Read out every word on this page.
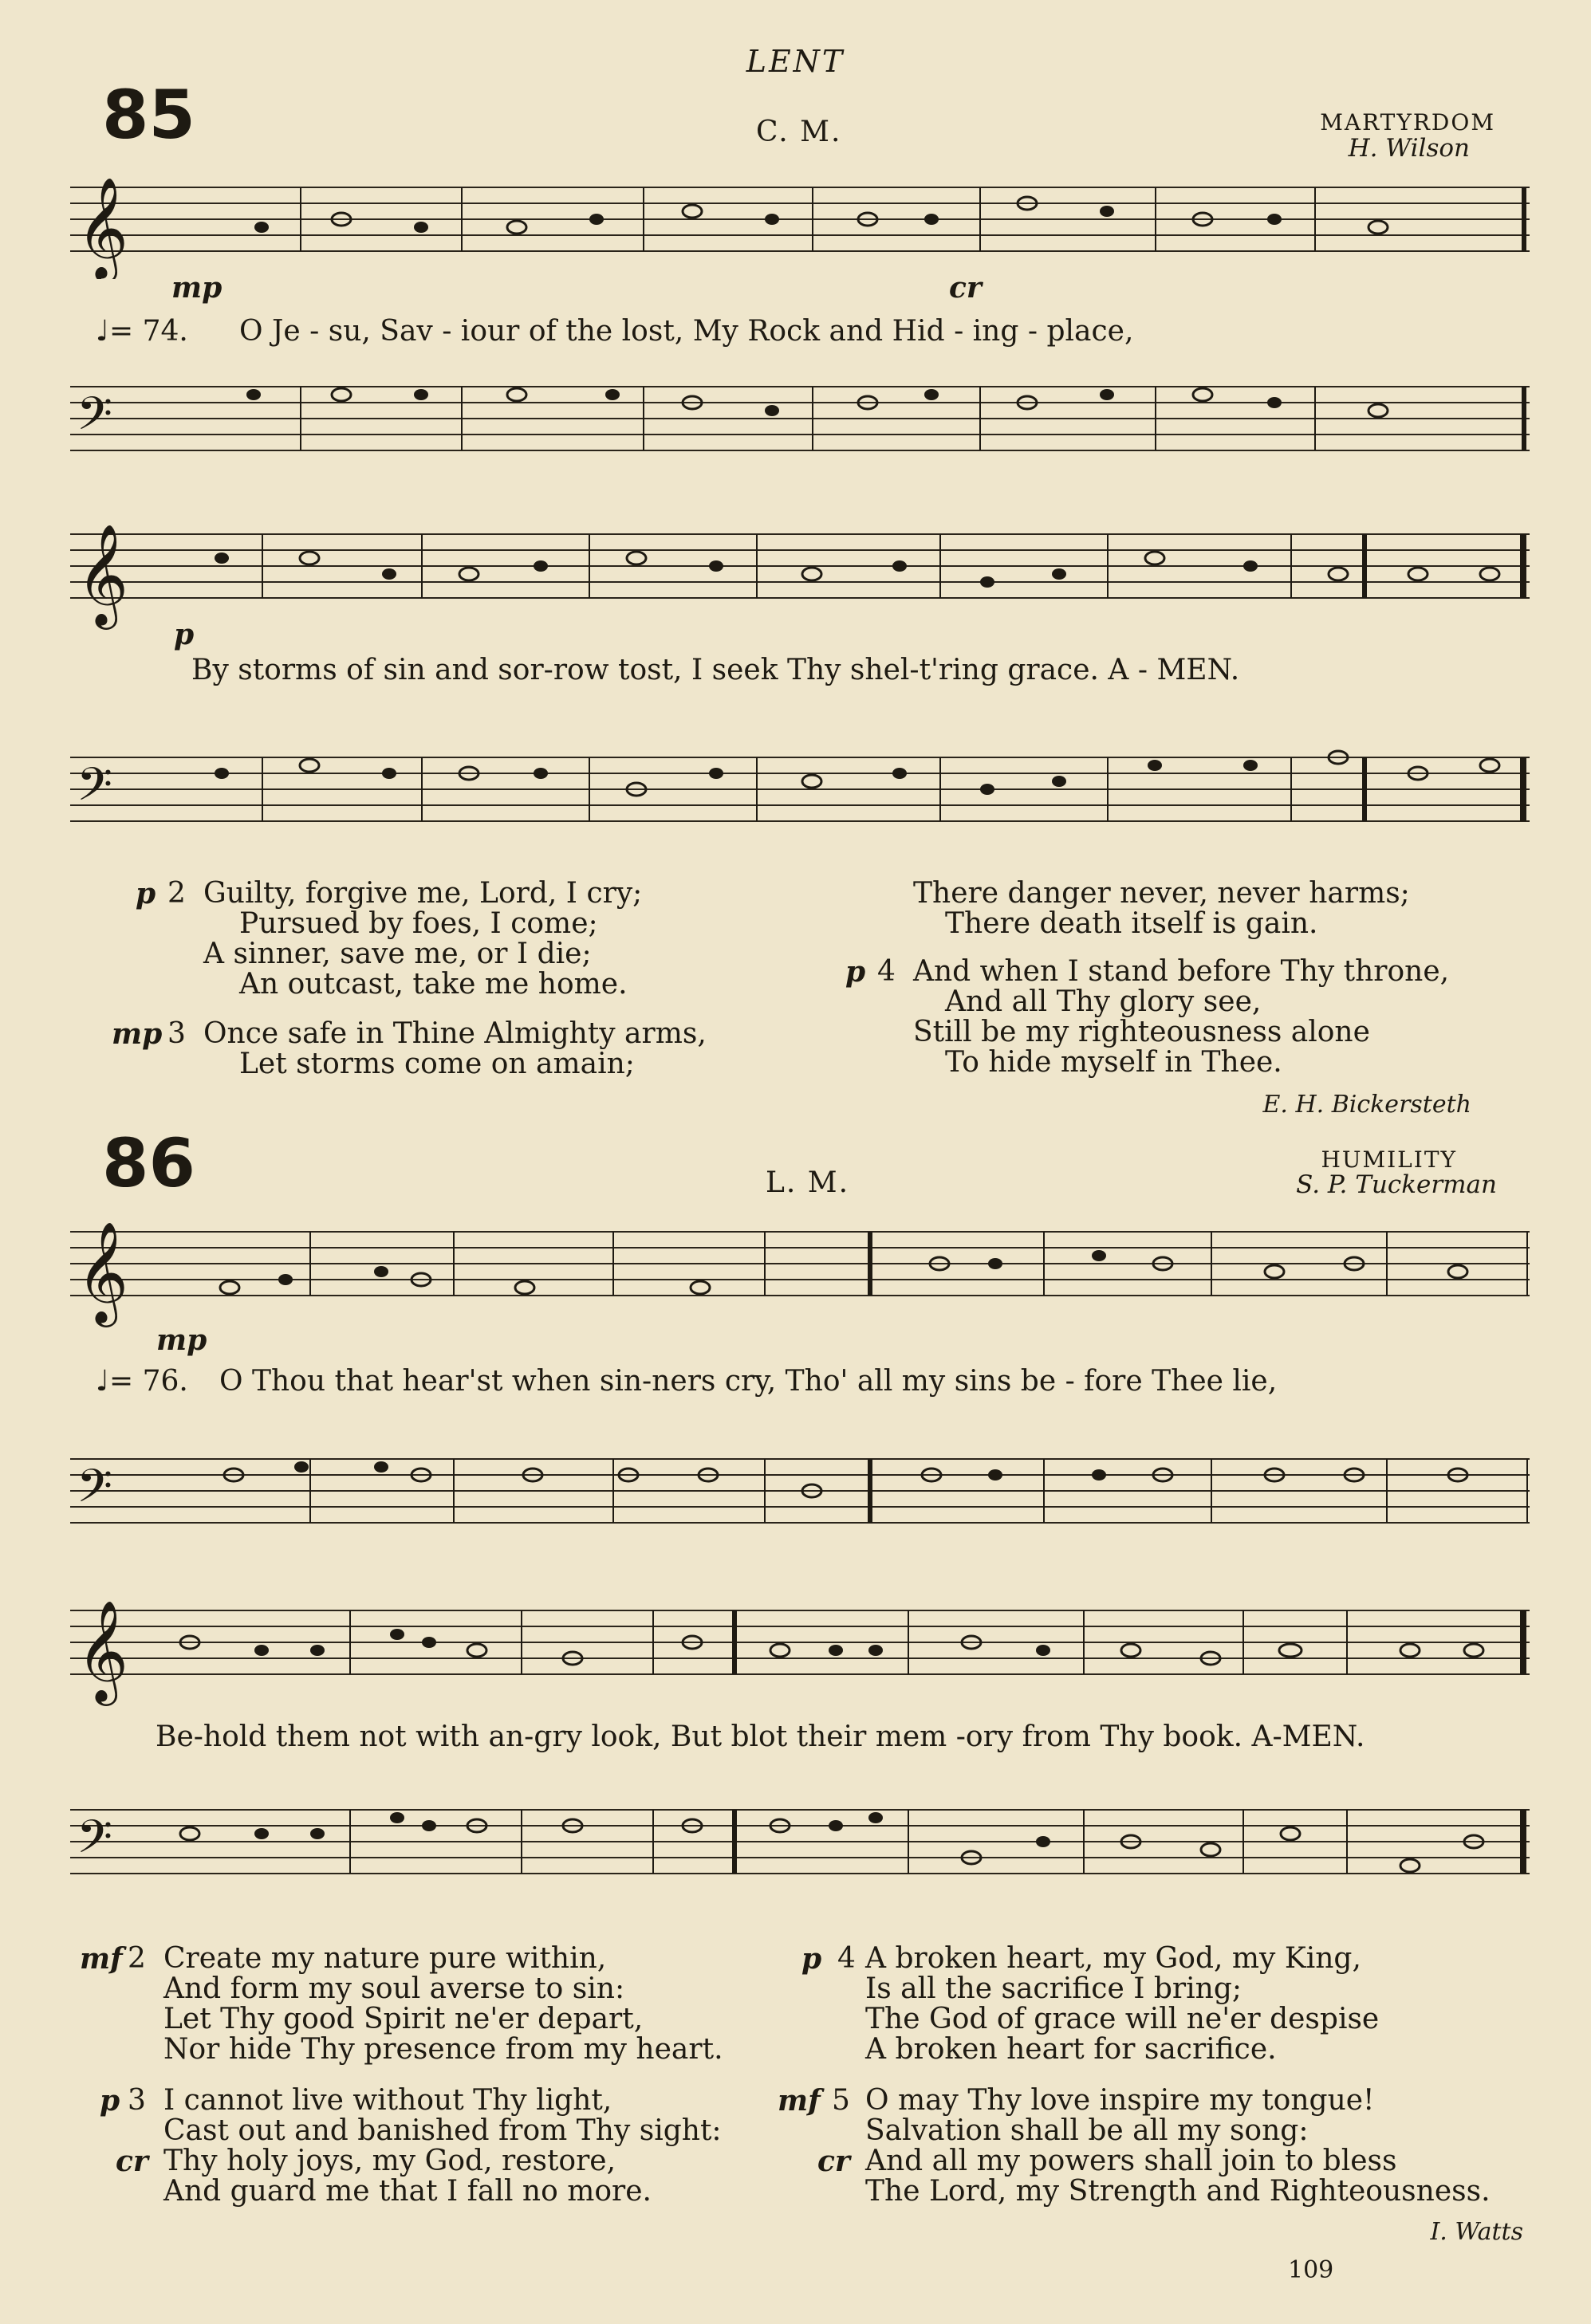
LENT
85	C. M.	MARTYRDOM
H. Wilson
𝄞
mp	cr
♩= 74. O Je - su, Sav - iour of the lost, My Rock and Hid - ing - place,
𝄢
𝄞
p
By storms of sin and sor-row tost, I seek Thy shel-t'ring grace. A - MEN.
𝄢
p 2 Guilty, forgive me, Lord, I cry;
Pursued by foes, I come;
A sinner, save me, or I die;
An outcast, take me home.
mp 3 Once safe in Thine Almighty arms,
Let storms come on amain;
There danger never, never harms;
There death itself is gain.
p 4 And when I stand before Thy throne,
And all Thy glory see,
Still be my righteousness alone
To hide myself in Thee.
E. H. Bickersteth
86	L. M.
HUMILITY
S. P. Tuckerman
𝄞
mp
♩= 76. O Thou that hear'st when sin-ners cry, Tho' all my sins be - fore Thee lie,
𝄢
𝄞
Be-hold them not with an-gry look, But blot their mem -ory from Thy book. A-MEN.
𝄢
mf 2 Create my nature pure within,
And form my soul averse to sin:
Let Thy good Spirit ne'er depart,
Nor hide Thy presence from my heart.
p 3 I cannot live without Thy light,
Cast out and banished from Thy sight:
cr Thy holy joys, my God, restore,
And guard me that I fall no more.
p 4 A broken heart, my God, my King,
Is all the sacrifice I bring;
The God of grace will ne'er despise
A broken heart for sacrifice.
mf 5 O may Thy love inspire my tongue!
Salvation shall be all my song:
cr And all my powers shall join to bless
The Lord, my Strength and Righteousness.
I. Watts
109
